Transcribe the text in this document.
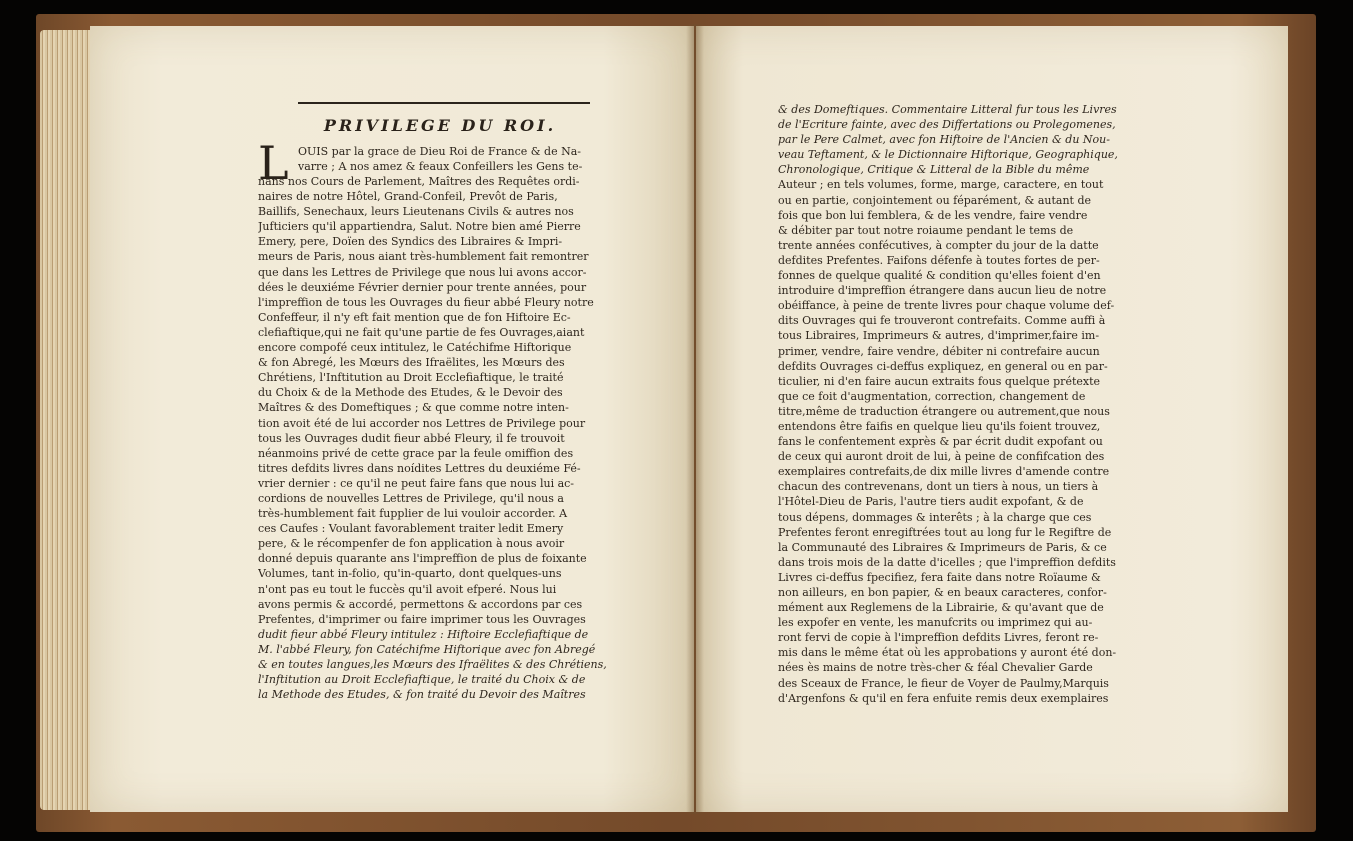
PRIVILEGE DU ROI.
L OUIS par la grace de Dieu Roi de France & de Na-
varre ; A nos amez & feaux Confeillers les Gens te-
nans nos Cours de Parlement, Maîtres des Requêtes ordi-
naires de notre Hôtel, Grand-Confeil, Prevôt de Paris,
Baillifs, Senechaux, leurs Lieutenans Civils & autres nos
Jufticiers qu'il appartiendra, Salut. Notre bien amé Pierre
Emery, pere, Doïen des Syndics des Libraires & Impri-
meurs de Paris, nous aiant très-humblement fait remontrer
que dans les Lettres de Privilege que nous lui avons accor-
dées le deuxiéme Février dernier pour trente années, pour
l'impreffion de tous les Ouvrages du fieur abbé Fleury notre
Confeffeur, il n'y eft fait mention que de fon Hiftoire Ec-
clefiaftique,qui ne fait qu'une partie de fes Ouvrages,aiant
encore compofé ceux intitulez, le Catéchifme Hiftorique
& fon Abregé, les Mœurs des Ifraëlites, les Mœurs des
Chrétiens, l'Inftitution au Droit Ecclefiaftique, le traité
du Choix & de la Methode des Etudes, & le Devoir des
Maîtres & des Domeftiques ; & que comme notre inten-
tion avoit été de lui accorder nos Lettres de Privilege pour
tous les Ouvrages dudit fieur abbé Fleury, il fe trouvoit
néanmoins privé de cette grace par la feule omiffion des
titres defdits livres dans noídites Lettres du deuxiéme Fé-
vrier dernier : ce qu'il ne peut faire fans que nous lui ac-
cordions de nouvelles Lettres de Privilege, qu'il nous a
très-humblement fait fupplier de lui vouloir accorder. A
ces Caufes : Voulant favorablement traiter ledit Emery
pere, & le récompenfer de fon application à nous avoir
donné depuis quarante ans l'impreffion de plus de foixante
Volumes, tant in-folio, qu'in-quarto, dont quelques-uns
n'ont pas eu tout le fuccès qu'il avoit efperé. Nous lui
avons permis & accordé, permettons & accordons par ces
Prefentes, d'imprimer ou faire imprimer tous les Ouvrages
dudit fieur abbé Fleury intitulez : Hiftoire Ecclefiaftique de
M. l'abbé Fleury, fon Catéchifme Hiftorique avec fon Abregé
& en toutes langues,les Mœurs des Ifraëlites & des Chrétiens,
l'Inftitution au Droit Ecclefiaftique, le traité du Choix & de
la Methode des Etudes, & fon traité du Devoir des Maîtres
& des Domeftiques. Commentaire Litteral fur tous les Livres
de l'Ecriture fainte, avec des Differtations ou Prolegomenes,
par le Pere Calmet, avec fon Hiftoire de l'Ancien & du Nou-
veau Teftament, & le Dictionnaire Hiftorique, Geographique,
Chronologique, Critique & Litteral de la Bible du même
Auteur ; en tels volumes, forme, marge, caractere, en tout
ou en partie, conjointement ou féparément, & autant de
fois que bon lui femblera, & de les vendre, faire vendre
& débiter par tout notre roiaume pendant le tems de
trente années confécutives, à compter du jour de la datte
defdites Prefentes. Faifons défenfe à toutes fortes de per-
fonnes de quelque qualité & condition qu'elles foient d'en
introduire d'impreffion étrangere dans aucun lieu de notre
obéiffance, à peine de trente livres pour chaque volume def-
dits Ouvrages qui fe trouveront contrefaits. Comme auffi à
tous Libraires, Imprimeurs & autres, d'imprimer,faire im-
primer, vendre, faire vendre, débiter ni contrefaire aucun
defdits Ouvrages ci-deffus expliquez, en general ou en par-
ticulier, ni d'en faire aucun extraits fous quelque prétexte
que ce foit d'augmentation, correction, changement de
titre,même de traduction étrangere ou autrement,que nous
entendons être faifis en quelque lieu qu'ils foient trouvez,
fans le confentement exprès & par écrit dudit expofant ou
de ceux qui auront droit de lui, à peine de confifcation des
exemplaires contrefaits,de dix mille livres d'amende contre
chacun des contrevenans, dont un tiers à nous, un tiers à
l'Hôtel-Dieu de Paris, l'autre tiers audit expofant, & de
tous dépens, dommages & interêts ; à la charge que ces
Prefentes feront enregiftrées tout au long fur le Regiftre de
la Communauté des Libraires & Imprimeurs de Paris, & ce
dans trois mois de la datte d'icelles ; que l'impreffion defdits
Livres ci-deffus fpecifiez, fera faite dans notre Roïaume &
non ailleurs, en bon papier, & en beaux caracteres, confor-
mément aux Reglemens de la Librairie, & qu'avant que de
les expofer en vente, les manufcrits ou imprimez qui au-
ront fervi de copie à l'impreffion defdits Livres, feront re-
mis dans le même état où les approbations y auront été don-
nées ès mains de notre très-cher & féal Chevalier Garde
des Sceaux de France, le fieur de Voyer de Paulmy,Marquis
d'Argenfons & qu'il en fera enfuite remis deux exemplaires
